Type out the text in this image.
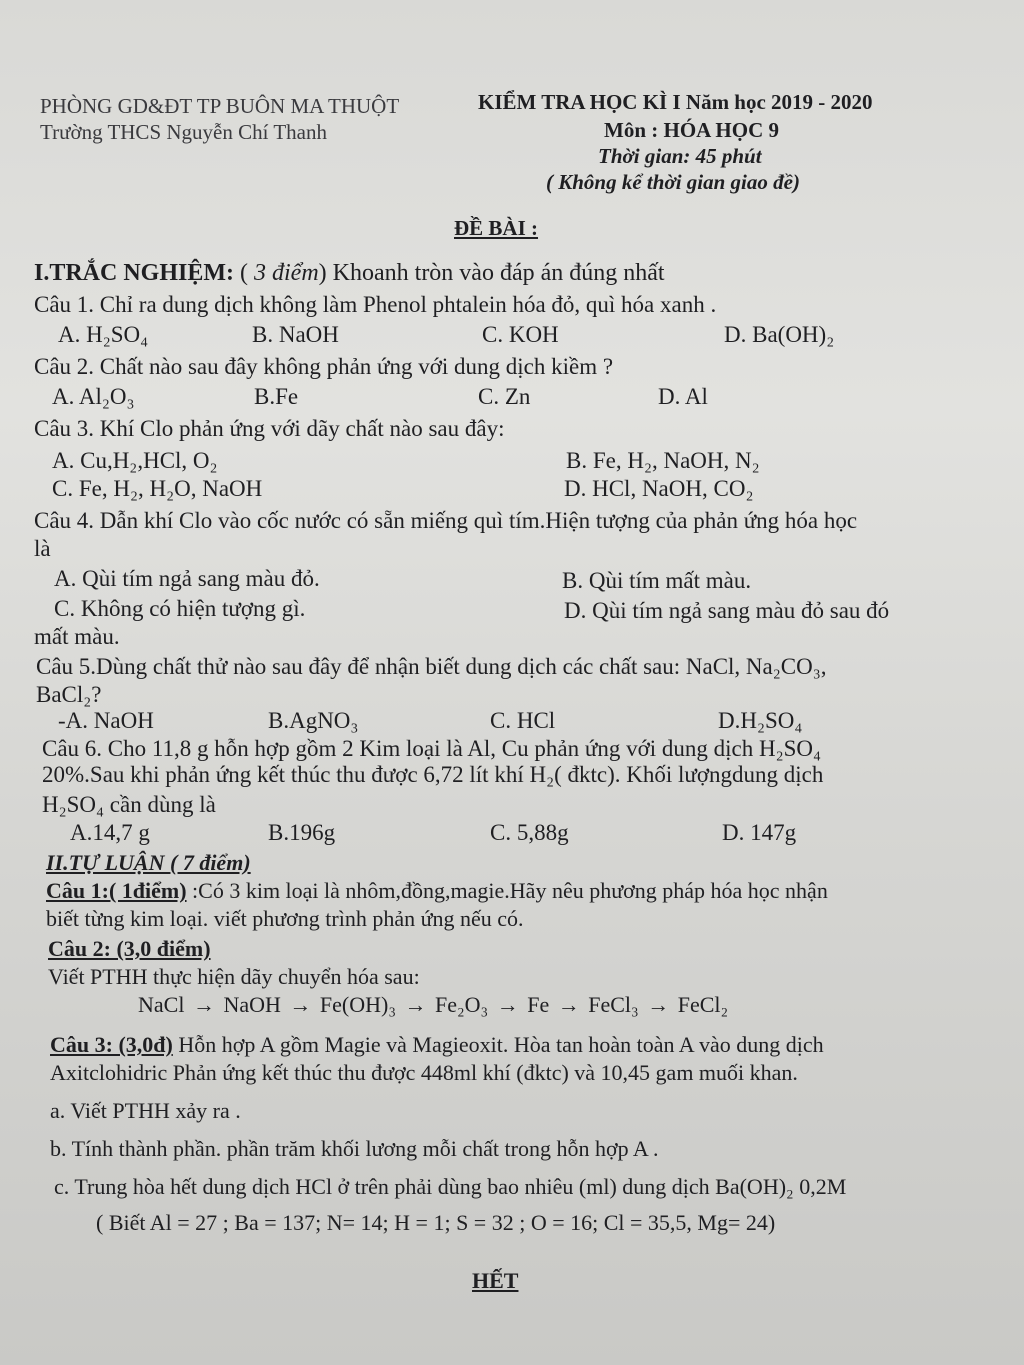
PHÒNG GD&ĐT TP BUÔN MA THUỘT
Trường THCS Nguyễn Chí Thanh
KIỂM TRA HỌC KÌ I Năm học 2019 - 2020
Môn : HÓA HỌC 9
Thời gian: 45 phút
( Không kể thời gian giao đề)
ĐỀ BÀI :
I.TRẮC NGHIỆM: ( 3 điểm) Khoanh tròn vào đáp án đúng nhất
Câu 1. Chỉ ra dung dịch không làm Phenol phtalein hóa đỏ, quì hóa xanh .
A. H₂SO₄	B. NaOH	C. KOH	D. Ba(OH)₂
Câu 2. Chất nào sau đây không phản ứng với dung dịch kiềm ?
A. Al₂O₃	B.Fe	C. Zn	D. Al
Câu 3. Khí Clo phản ứng với dãy chất nào sau đây:
A. Cu,H₂,HCl, O₂	B. Fe, H₂, NaOH, N₂
C. Fe, H₂, H₂O, NaOH	D. HCl, NaOH, CO₂
Câu 4. Dẫn khí Clo vào cốc nước có sẵn miếng quì tím.Hiện tượng của phản ứng hóa học
là
A. Qùi tím ngả sang màu đỏ.	B. Qùi tím mất màu.
C. Không có hiện tượng gì.	D. Qùi tím ngả sang màu đỏ sau đó
mất màu.
Câu 5.Dùng chất thử nào sau đây để nhận biết dung dịch các chất sau: NaCl, Na₂CO₃,
BaCl₂?
-A. NaOH	B.AgNO₃	C. HCl	D.H₂SO₄
Câu 6. Cho 11,8 g hỗn hợp gồm 2 Kim loại là Al, Cu phản ứng với dung dịch H₂SO₄
20%.Sau khi phản ứng kết thúc thu được 6,72 lít khí H₂( đktc). Khối lượngdung dịch
H₂SO₄ cần dùng là
A.14,7 g	B.196g	C. 5,88g	D. 147g
II.TỰ LUẬN ( 7 điểm)
Câu 1:( 1điểm) :Có 3 kim loại là nhôm,đồng,magie.Hãy nêu phương pháp hóa học nhận
biết từng kim loại. viết phương trình phản ứng nếu có.
Câu 2: (3,0 điểm)
Viết PTHH thực hiện dãy chuyển hóa sau:
NaCl → NaOH → Fe(OH)₃ → Fe₂O₃ → Fe → FeCl₃ → FeCl₂
Câu 3: (3,0đ) Hỗn hợp A gồm Magie và Magieoxit. Hòa tan hoàn toàn A vào dung dịch
Axitclohidric Phản ứng kết thúc thu được 448ml khí (đktc) và 10,45 gam muối khan.
a. Viết PTHH xảy ra .
b. Tính thành phần. phần trăm khối lương mỗi chất trong hỗn hợp A .
c. Trung hòa hết dung dịch HCl ở trên phải dùng bao nhiêu (ml) dung dịch Ba(OH)₂ 0,2M
( Biết Al = 27 ; Ba = 137; N= 14; H = 1; S = 32 ; O = 16; Cl = 35,5, Mg= 24)
HẾT
